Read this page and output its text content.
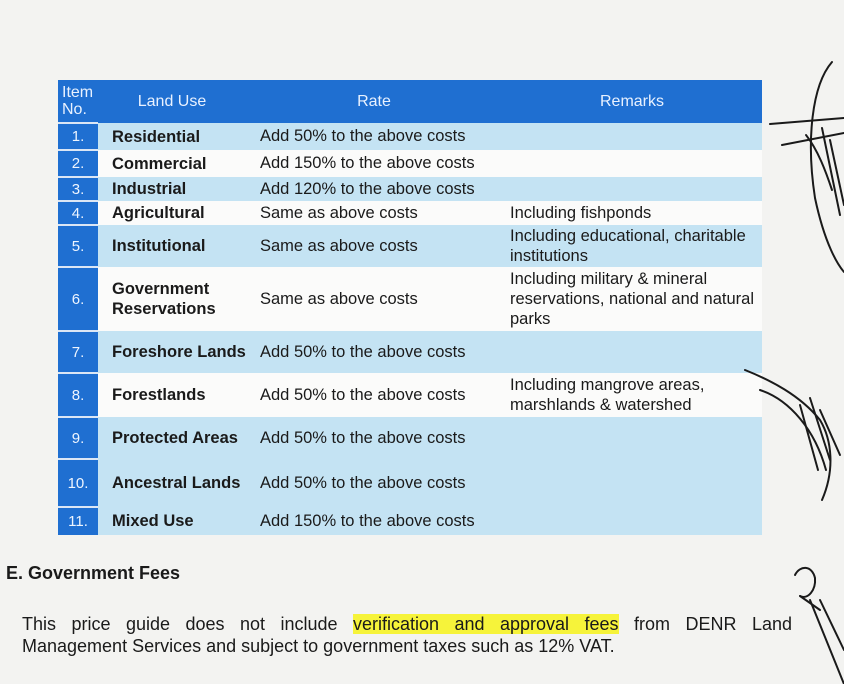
Item No.	Land Use	Rate	Remarks
1.	Residential	Add 50% to the above costs	
2.	Commercial	Add 150% to the above costs	
3.	Industrial	Add 120% to the above costs	
4.	Agricultural	Same as above costs	Including fishponds
5.	Institutional	Same as above costs	Including educational, charitable institutions
6.	Government Reservations	Same as above costs	Including military & mineral reservations, national and natural parks
7.	Foreshore Lands	Add 50% to the above costs	
8.	Forestlands	Add 50% to the above costs	Including mangrove areas, marshlands & watershed
9.	Protected Areas	Add 50% to the above costs	
10.	Ancestral Lands	Add 50% to the above costs	
11.	Mixed Use	Add 150% to the above costs	
E. Government Fees
This price guide does not include verification and approval fees from DENR Land
Management Services and subject to government taxes such as 12% VAT.
